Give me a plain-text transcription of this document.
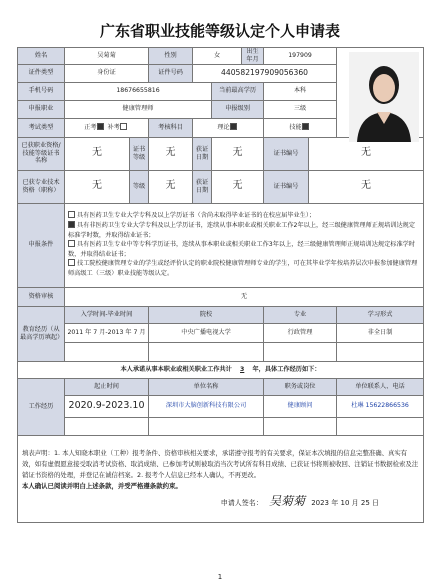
广东省职业技能等级认定个人申请表
姓名	吴菊菊		性别	女		出生年月	197909		
证件类型	身份证		证件号码	440582197909056360					
手机号码	18676655816				当前最高学历		本科		
申报职业	健康管理师				申报级别		三级		
考试类型	正考 补考		考核科目	理论			技能		
已获职业资格/技能等级证书名称	无	证书等级	无	获证日期	无		证书编号	无	
已获专业技术资格（职称）	无	等级	无	获证日期	无		证书编号	无	
申报条件	具有医药卫生专业大学专科及以上学历证书（含尚未取得毕业证书的在校应届毕业生）；
具有非医药卫生专业大学专科及以上学历证书，连续从事本职业或相关职业工作2年以上，经三级健康管理师正规培训达规定标准学时数，并取得结业证书；
具有医药卫生专业中等专科学历证书，连续从事本职业或相关职业工作3年以上，经三级健康管理师正规培训达规定标准学时数，并取得结业证书；
技工院校健康管理专业的学生或经评价认定的职业院校健康管理师专业的学生，可在其毕业学年按培养层次申报参加健康管理师高级工（三级）职业技能等级认定。								

资格审核	无								
教育经历（从最高学历填起）	入学时间-毕业时间		院校				专业		学习形式
	2011 年 7 月-2013 年 7 月		中央广播电视大学				行政管理		非全日制

本人承诺从事本职业或相关职业工作共计 3 年，具体工作经历如下：									
工作经历	起止时间		单位名称				职务或岗位		单位联系人、电话
	2020.9-2023.10		深圳市大脑创新科技有限公司				健康顾问		杜琳 15622866536

填表声明：1. 本人知晓本职业（工种）报考条件、资格审核相关要求，承诺遵守报考的有关要求，保证本次填报的信息完整准确、真实有效，如有虚假愿意接受取消考试资格、取消成绩、已参加考试则被取消当次考试所有科目成绩、已获证书将则被收回、注销证书数据检索及注销证书资格的处理，并登记在诚信档案。2. 报考个人信息已经本人确认，不再更改。

本人确认已阅读并明白上述条款，并受严格遵条款约束。

申请人签名： 吴菊菊 2023 年 10 月 25 日									
1
